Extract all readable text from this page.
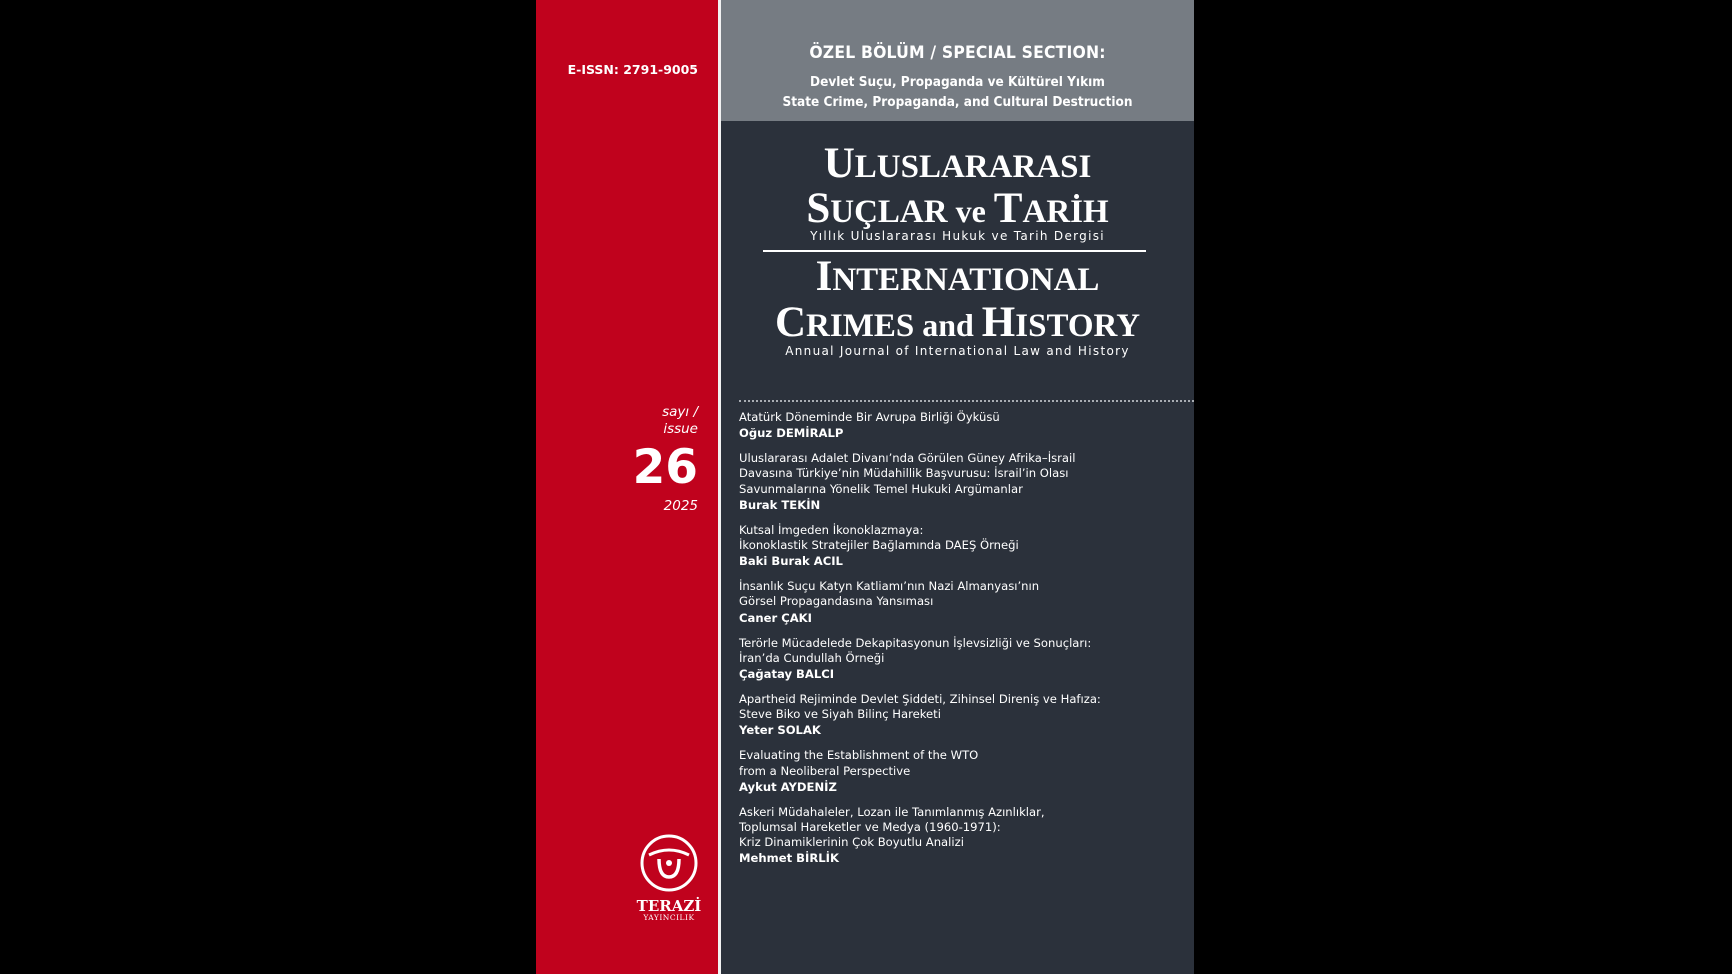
E-ISSN: 2791-9005
sayı /
issue
26
2025
TERAZİ
YAYINCILIK
ÖZEL BÖLÜM / SPECIAL SECTION:
Devlet Suçu, Propaganda ve Kültürel Yıkım
State Crime, Propaganda, and Cultural Destruction
ULUSLARARASI
SUÇLAR ve TARİH
Yıllık Uluslararası Hukuk ve Tarih Dergisi
INTERNATIONAL
CRIMES and HISTORY
Annual Journal of International Law and History
Atatürk Döneminde Bir Avrupa Birliği Öyküsü
Oğuz DEMİRALP
Uluslararası Adalet Divanı’nda Görülen Güney Afrika–İsrail
Davasına Türkiye’nin Müdahillik Başvurusu: İsrail’in Olası
Savunmalarına Yönelik Temel Hukuki Argümanlar
Burak TEKİN
Kutsal İmgeden İkonoklazmaya:
İkonoklastik Stratejiler Bağlamında DAEŞ Örneği
Baki Burak ACIL
İnsanlık Suçu Katyn Katliamı’nın Nazi Almanyası’nın
Görsel Propagandasına Yansıması
Caner ÇAKI
Terörle Mücadelede Dekapitasyonun İşlevsizliği ve Sonuçları:
İran’da Cundullah Örneği
Çağatay BALCI
Apartheid Rejiminde Devlet Şiddeti, Zihinsel Direniş ve Hafıza:
Steve Biko ve Siyah Bilinç Hareketi
Yeter SOLAK
Evaluating the Establishment of the WTO
from a Neoliberal Perspective
Aykut AYDENİZ
Askeri Müdahaleler, Lozan ile Tanımlanmış Azınlıklar,
Toplumsal Hareketler ve Medya (1960-1971):
Kriz Dinamiklerinin Çok Boyutlu Analizi
Mehmet BİRLİK
